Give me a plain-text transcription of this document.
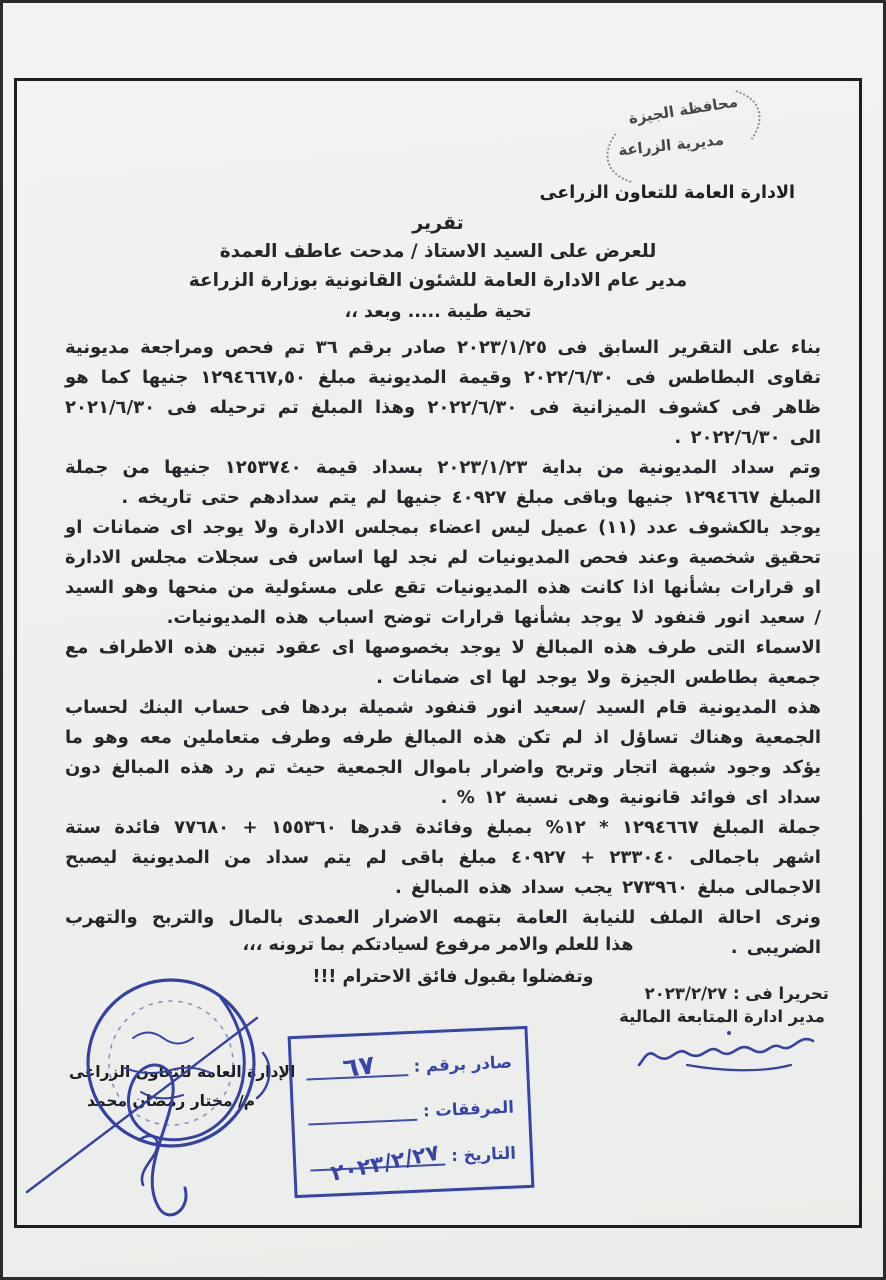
محافظة الجيزة
مديرية الزراعة
الادارة العامة للتعاون الزراعى
تقرير
للعرض على السيد الاستاذ / مدحت عاطف العمدة
مدير عام الادارة العامة للشئون القانونية بوزارة الزراعة
تحية طيبة ..... وبعد ،،

بناء على التقرير السابق فى ٢٠٢٣/١/٢٥ صادر برقم ٣٦ تم فحص ومراجعة مديونية تقاوى البطاطس فى ٢٠٢٢/٦/٣٠ وقيمة المديونية مبلغ ١٢٩٤٦٦٧,٥٠ جنيها كما هو ظاهر فى كشوف الميزانية فى ٢٠٢٢/٦/٣٠ وهذا المبلغ تم ترحيله فى ٢٠٢١/٦/٣٠ الى ٢٠٢٢/٦/٣٠ .

وتم سداد المديونية من بداية ٢٠٢٣/١/٢٣ بسداد قيمة ١٢٥٣٧٤٠ جنيها من جملة المبلغ ١٢٩٤٦٦٧ جنيها وباقى مبلغ ٤٠٩٢٧ جنيها لم يتم سدادهم حتى تاريخه .

يوجد بالكشوف عدد (١١) عميل ليس اعضاء بمجلس الادارة ولا يوجد اى ضمانات او تحقيق شخصية وعند فحص المديونيات لم نجد لها اساس فى سجلات مجلس الادارة او قرارات بشأنها اذا كانت هذه المديونيات تقع على مسئولية من منحها وهو السيد / سعيد انور قنفود لا يوجد بشأنها قرارات توضح اسباب هذه المديونيات.

الاسماء التى طرف هذه المبالغ لا يوجد بخصوصها اى عقود تبين هذه الاطراف مع جمعية بطاطس الجيزة ولا يوجد لها اى ضمانات .

هذه المديونية قام السيد /سعيد انور قنفود شميلة بردها فى حساب البنك لحساب الجمعية وهناك تساؤل اذ لم تكن هذه المبالغ طرفه وطرف متعاملين معه وهو ما يؤكد وجود شبهة اتجار وتربح واضرار باموال الجمعية حيث تم رد هذه المبالغ دون سداد اى فوائد قانونية وهى نسبة ١٢ % .

جملة المبلغ ١٢٩٤٦٦٧ * ١٢% بمبلغ وفائدة قدرها ١٥٥٣٦٠ + ٧٧٦٨٠ فائدة ستة اشهر باجمالى ٢٣٣٠٤٠ + ٤٠٩٢٧ مبلغ باقى لم يتم سداد من المديونية ليصبح الاجمالى مبلغ ٢٧٣٩٦٠ يجب سداد هذه المبالغ .

ونرى احالة الملف للنيابة العامة بتهمه الاضرار العمدى بالمال والتربح والتهرب الضريبى .

هذا للعلم والامر مرفوع لسيادتكم بما ترونه ،،،
وتفضلوا بقبول فائق الاحترام !!!
تحريرا فى : ٢٠٢٣/٢/٢٧
مدير ادارة المتابعة المالية
الإدارة العامة للتعاون الزراعى
م/ مختار رمضان محمد
صادر برقم :
٦٧
المرفقات :
التاريخ :
٢٠٢٣/٢/٢٧
